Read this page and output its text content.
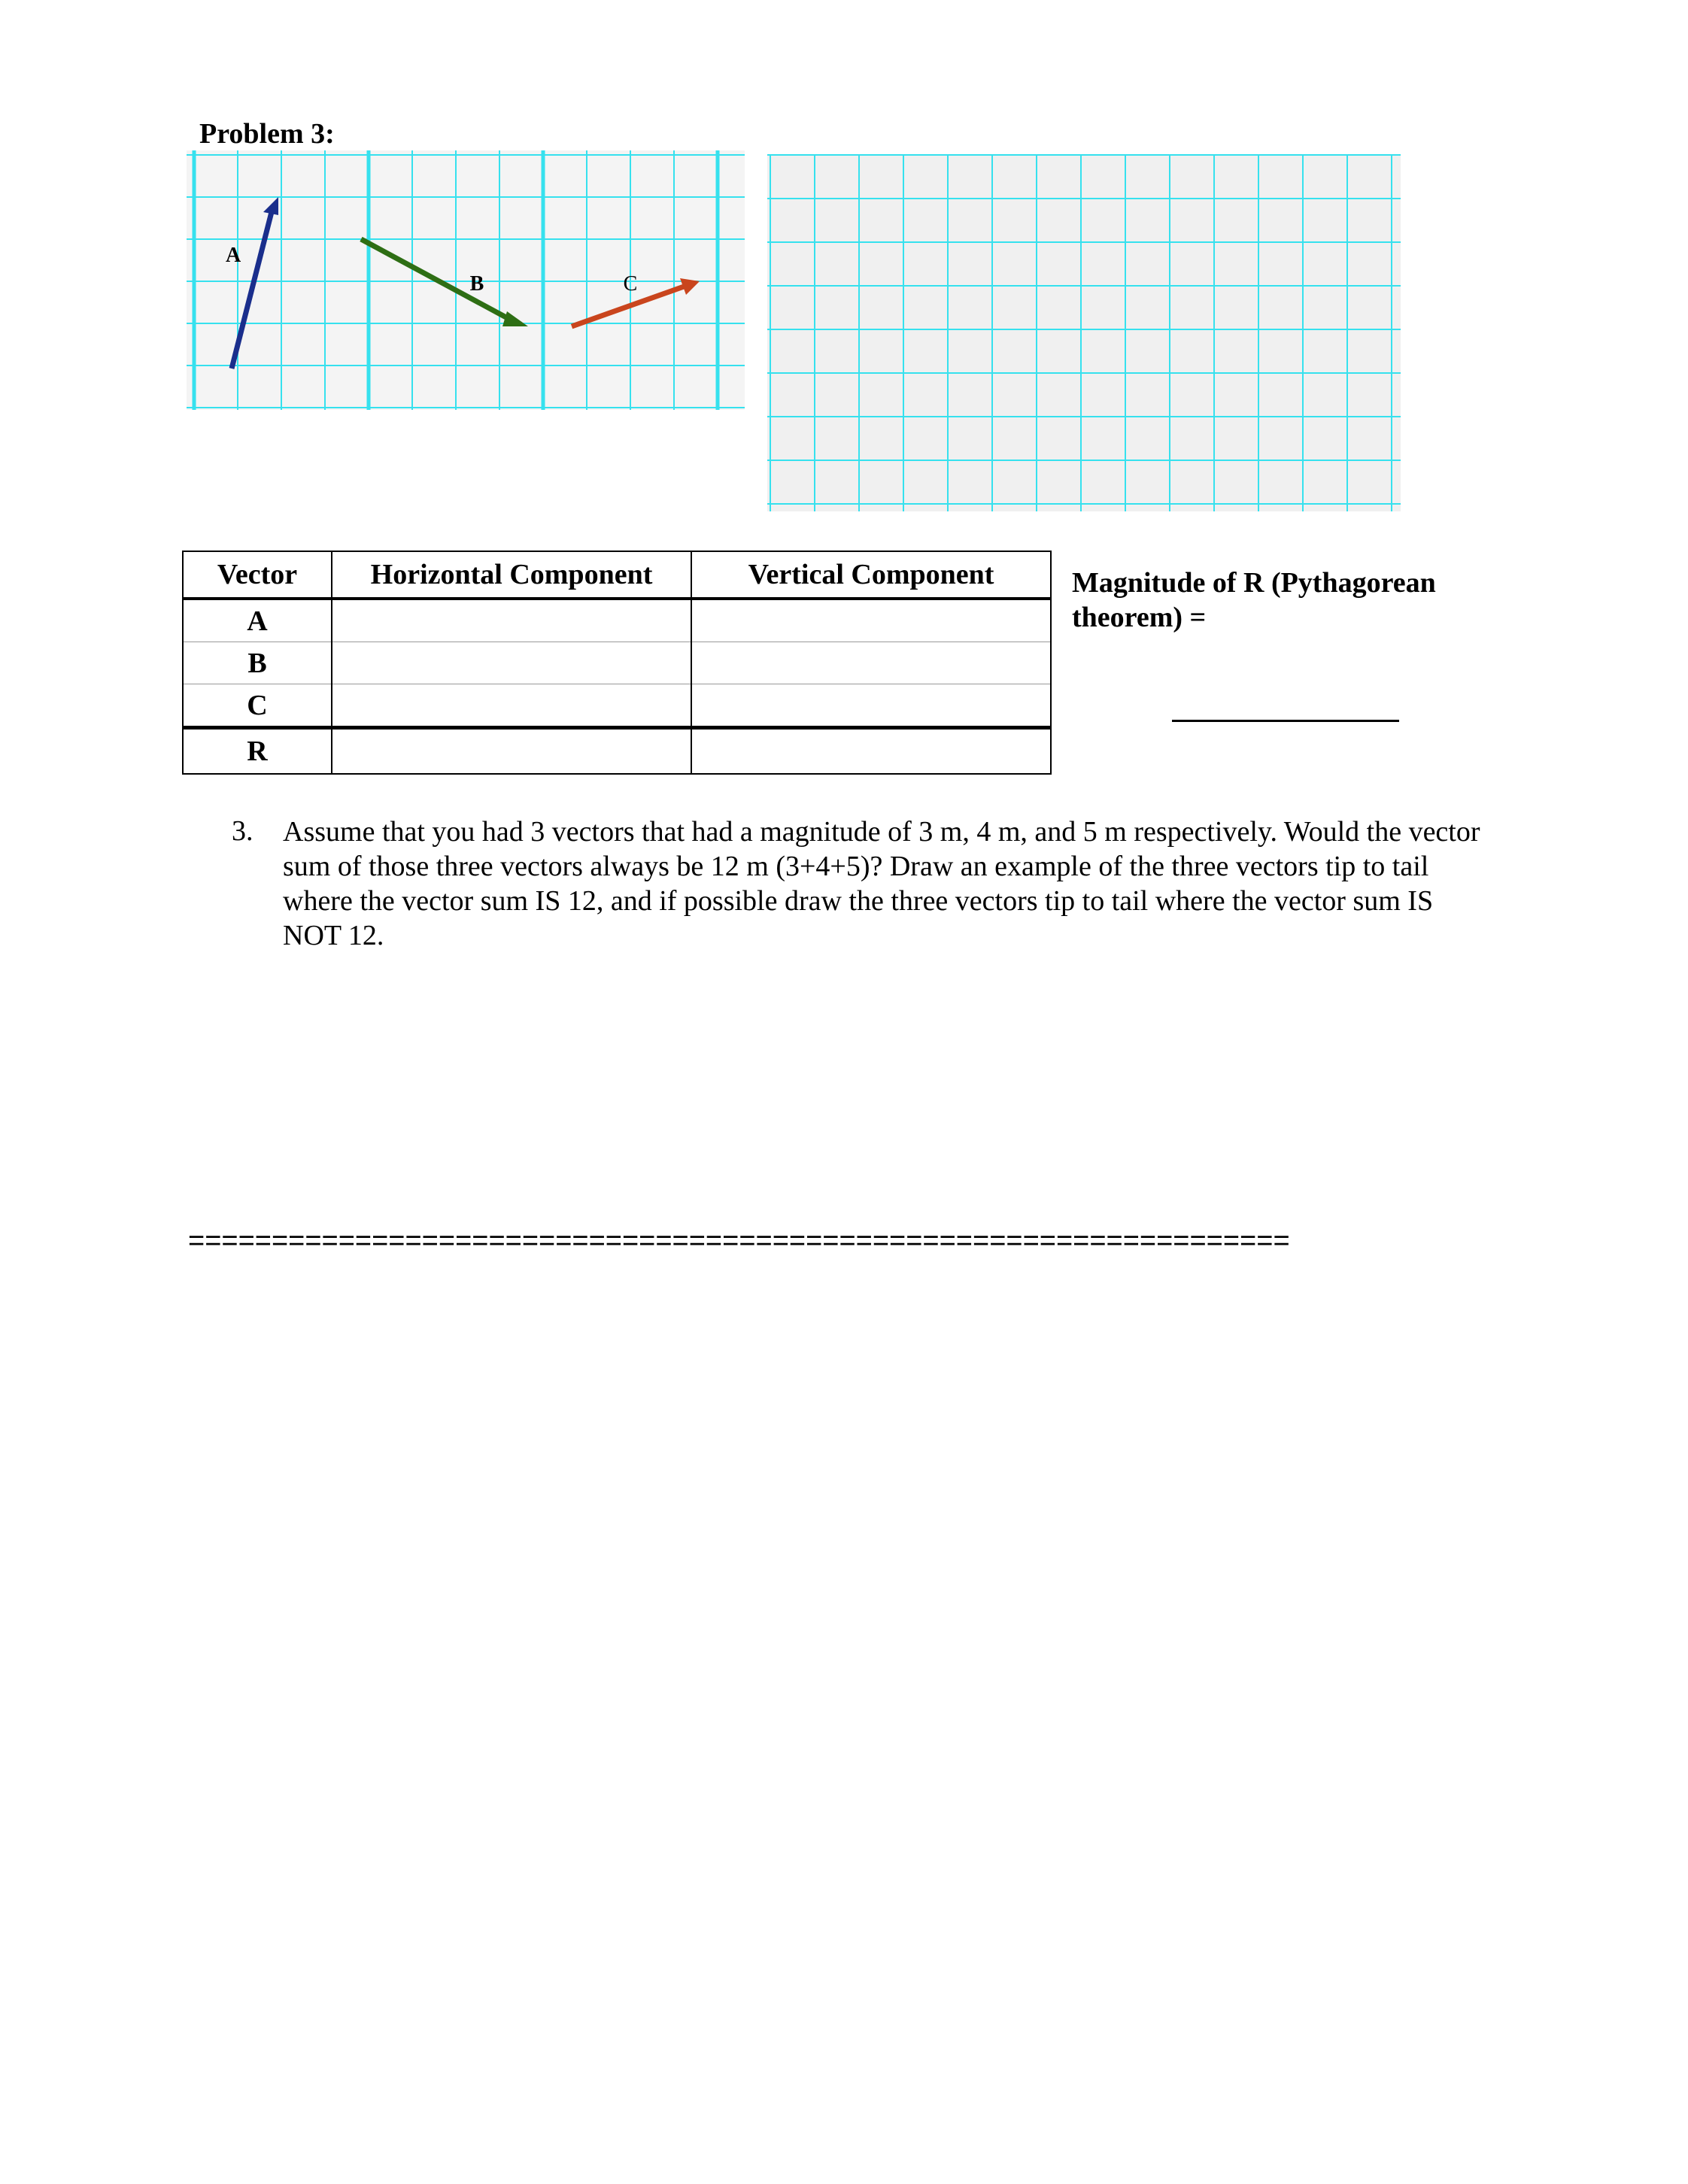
Problem 3:
A
B	C
Vector	Horizontal Component	Vertical Component
A		
B		
C		
R		

Magnitude of R (Pythagorean theorem) =

3. Assume that you had 3 vectors that had a magnitude of 3 m, 4 m, and 5 m respectively. Would the vector sum of those three vectors always be 12 m (3+4+5)? Draw an example of the three vectors tip to tail where the vector sum IS 12, and if possible draw the three vectors tip to tail where the vector sum IS NOT 12.

==================================================================
